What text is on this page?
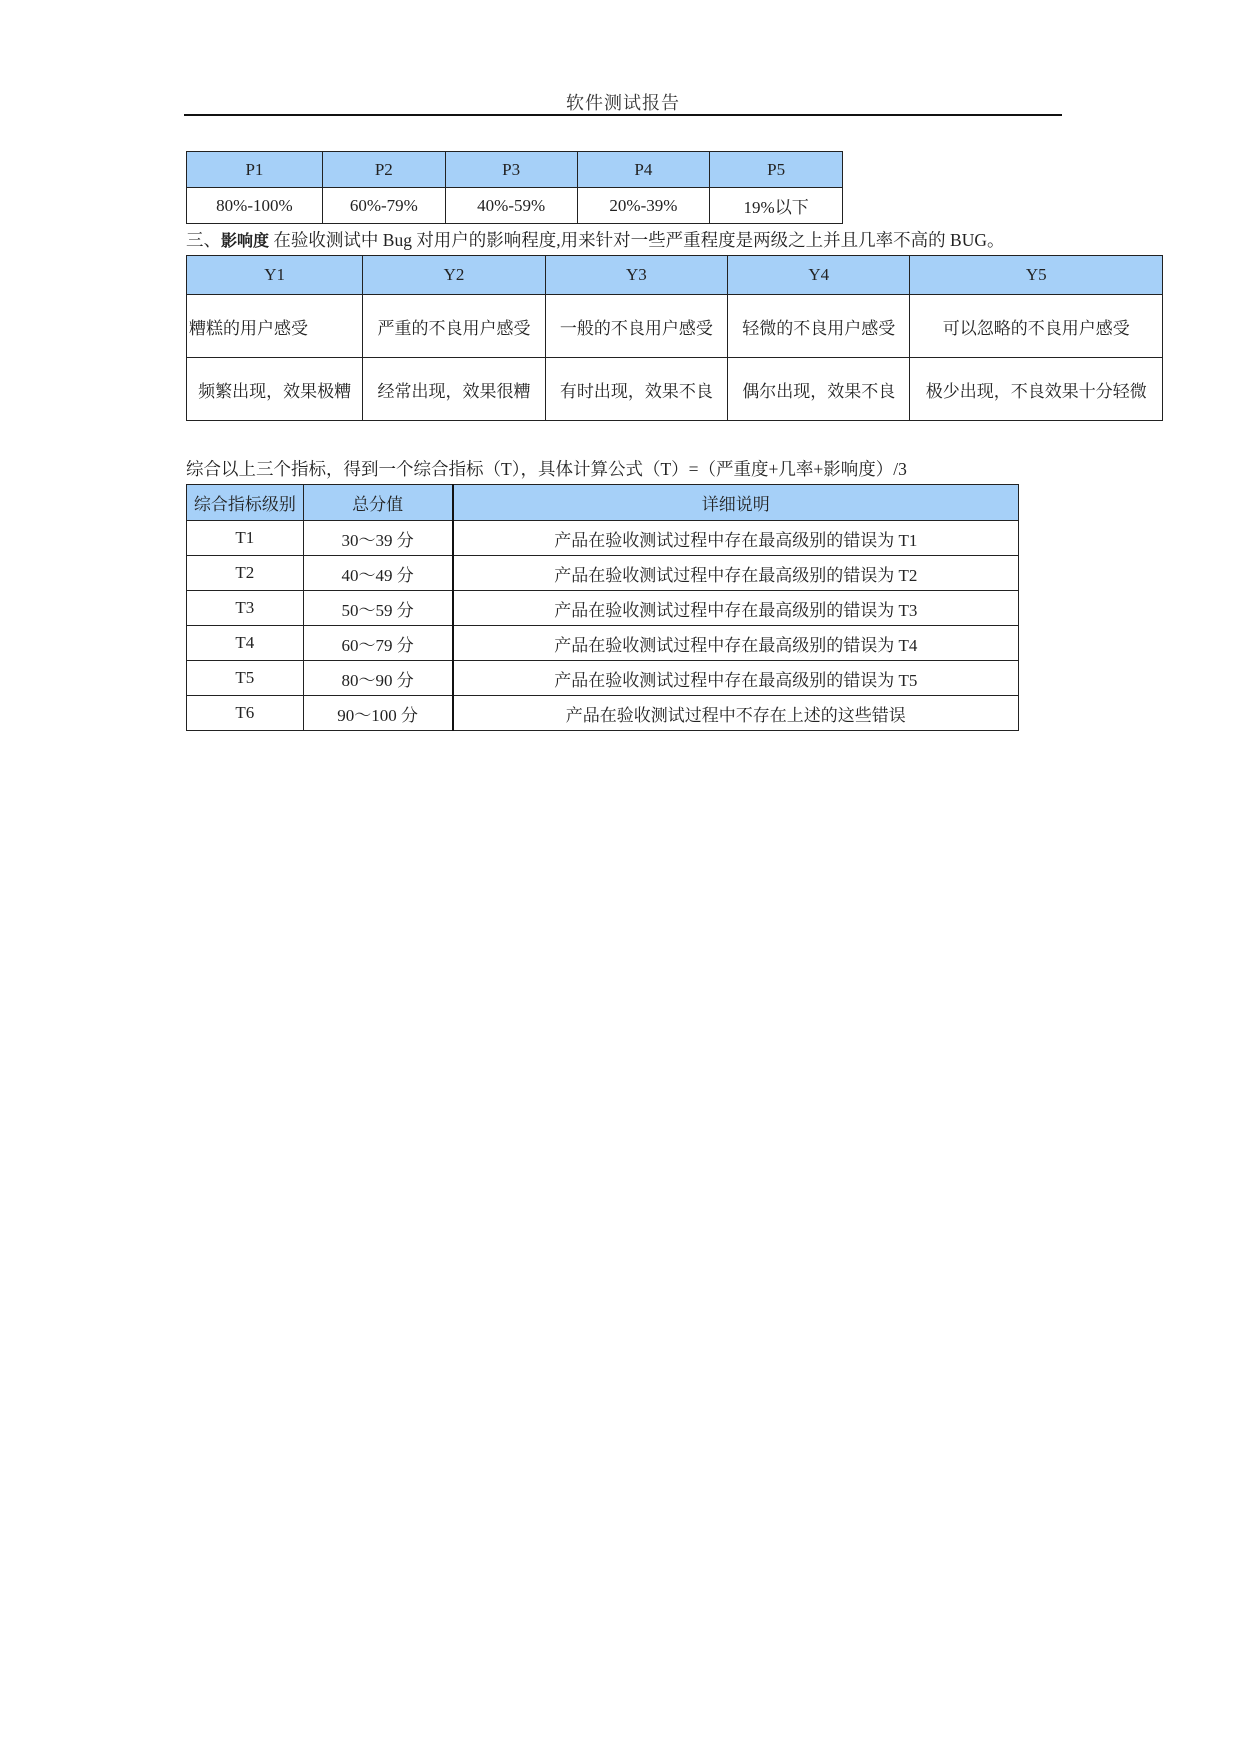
软件测试报告
P1	P2	P3	P4	P5
80%-100%	60%-79%	40%-59%	20%-39%	19%以下
三、影响度 在验收测试中 Bug 对用户的影响程度,用来针对一些严重程度是两级之上并且几率不高的 BUG。
Y1	Y2	Y3	Y4	Y5
糟糕的用户感受	严重的不良用户感受	一般的不良用户感受	轻微的不良用户感受	可以忽略的不良用户感受
频繁出现，效果极糟	经常出现，效果很糟	有时出现，效果不良	偶尔出现，效果不良	极少出现，不良效果十分轻微
综合以上三个指标，得到一个综合指标（T），具体计算公式（T）=（严重度+几率+影响度）/3
综合指标级别	总分值	详细说明
T1	30～39 分	产品在验收测试过程中存在最高级别的错误为 T1
T2	40～49 分	产品在验收测试过程中存在最高级别的错误为 T2
T3	50～59 分	产品在验收测试过程中存在最高级别的错误为 T3
T4	60～79 分	产品在验收测试过程中存在最高级别的错误为 T4
T5	80～90 分	产品在验收测试过程中存在最高级别的错误为 T5
T6	90～100 分	产品在验收测试过程中不存在上述的这些错误
